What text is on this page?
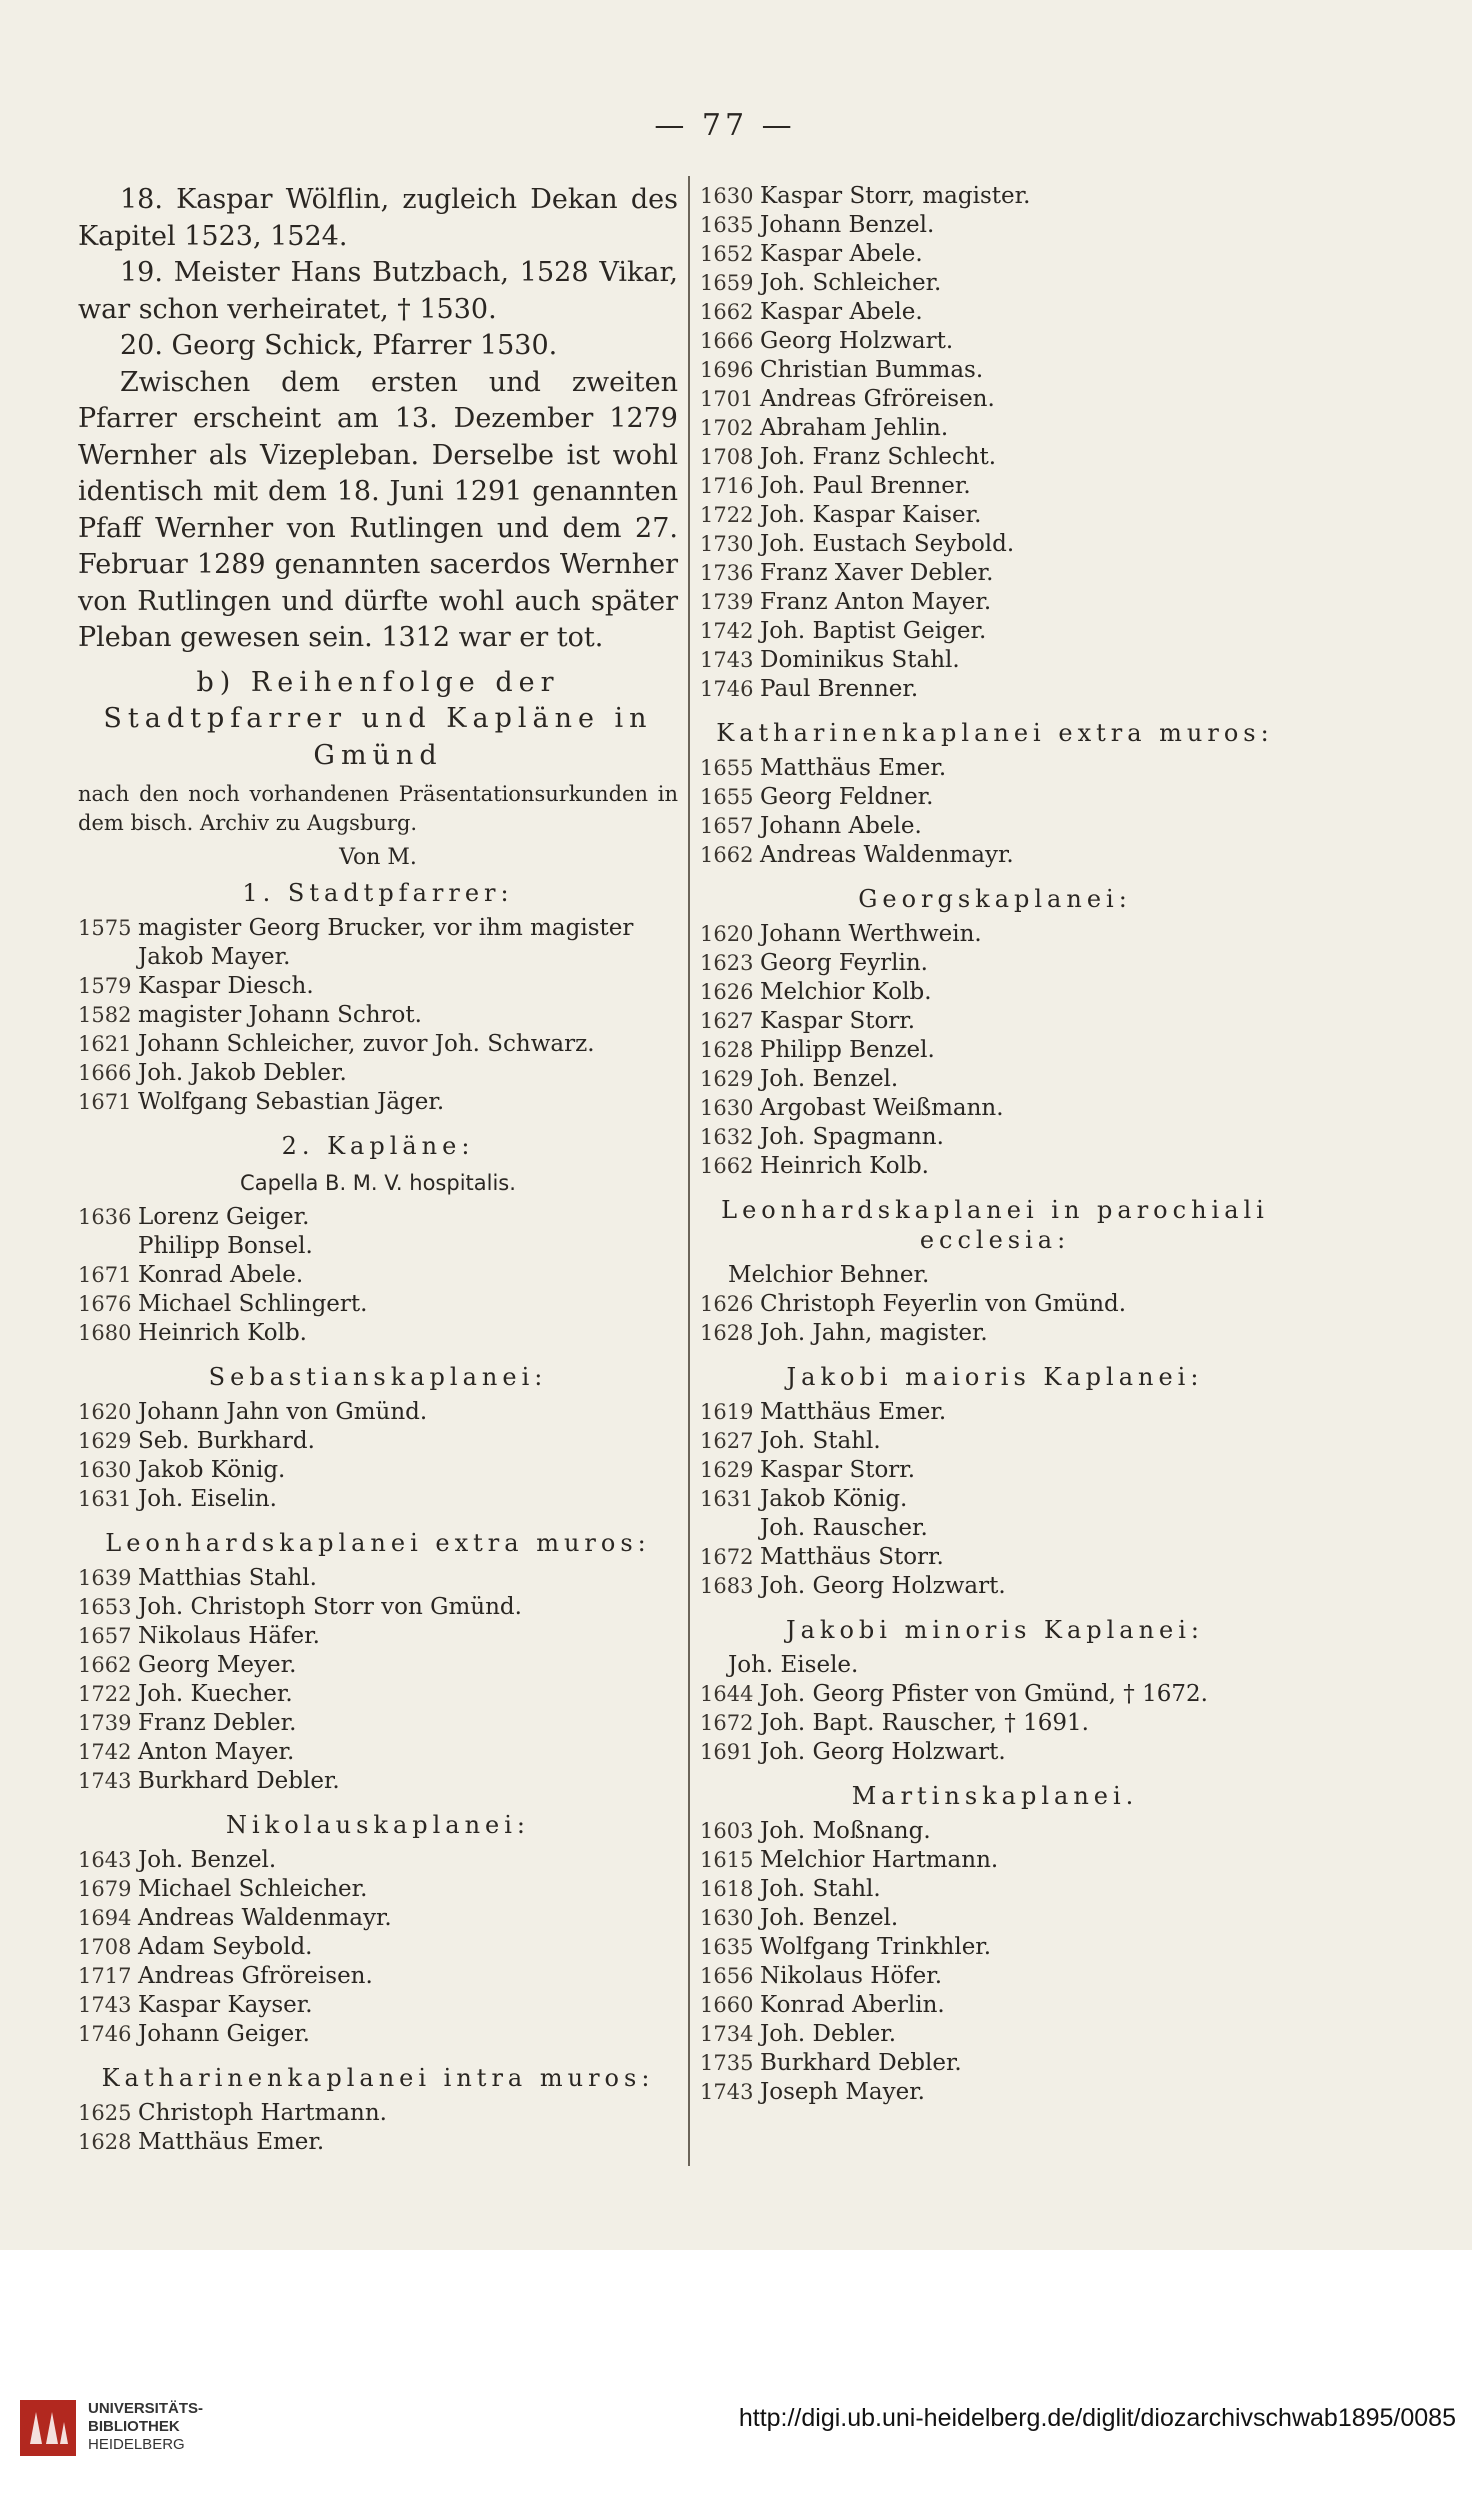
— 77 —

18. Kaspar Wölflin, zugleich Dekan des Kapitel 1523, 1524.

19. Meister Hans Butzbach, 1528 Vikar, war schon verheiratet, † 1530.

20. Georg Schick, Pfarrer 1530.

Zwischen dem ersten und zweiten Pfarrer erscheint am 13. Dezember 1279 Wernher als Vizepleban. Derselbe ist wohl identisch mit dem 18. Juni 1291 genannten Pfaff Wernher von Rutlingen und dem 27. Februar 1289 genannten sacerdos Wernher von Rutlingen und dürfte wohl auch später Pleban gewesen sein. 1312 war er tot.

b) Reihenfolge der Stadtpfarrer und Kapläne in Gmünd

nach den noch vorhandenen Präsentationsurkunden in dem bisch. Archiv zu Augsburg.

Von M.

1. Stadtpfarrer:
1575 magister Georg Brucker, vor ihm magister
Jakob Mayer.
1579 Kaspar Diesch.
1582 magister Johann Schrot.
1621 Johann Schleicher, zuvor Joh. Schwarz.
1666 Joh. Jakob Debler.
1671 Wolfgang Sebastian Jäger.
2. Kapläne:
Capella B. M. V. hospitalis.
1636 Lorenz Geiger.
Philipp Bonsel.
1671 Konrad Abele.
1676 Michael Schlingert.
1680 Heinrich Kolb.
Sebastianskaplanei:
1620 Johann Jahn von Gmünd.
1629 Seb. Burkhard.
1630 Jakob König.
1631 Joh. Eiselin.
Leonhardskaplanei extra muros:
1639 Matthias Stahl.
1653 Joh. Christoph Storr von Gmünd.
1657 Nikolaus Häfer.
1662 Georg Meyer.
1722 Joh. Kuecher.
1739 Franz Debler.
1742 Anton Mayer.
1743 Burkhard Debler.
Nikolauskaplanei:
1643 Joh. Benzel.
1679 Michael Schleicher.
1694 Andreas Waldenmayr.
1708 Adam Seybold.
1717 Andreas Gfröreisen.
1743 Kaspar Kayser.
1746 Johann Geiger.
Katharinenkaplanei intra muros:
1625 Christoph Hartmann.
1628 Matthäus Emer.
1630 Kaspar Storr, magister.
1635 Johann Benzel.
1652 Kaspar Abele.
1659 Joh. Schleicher.
1662 Kaspar Abele.
1666 Georg Holzwart.
1696 Christian Bummas.
1701 Andreas Gfröreisen.
1702 Abraham Jehlin.
1708 Joh. Franz Schlecht.
1716 Joh. Paul Brenner.
1722 Joh. Kaspar Kaiser.
1730 Joh. Eustach Seybold.
1736 Franz Xaver Debler.
1739 Franz Anton Mayer.
1742 Joh. Baptist Geiger.
1743 Dominikus Stahl.
1746 Paul Brenner.
Katharinenkaplanei extra muros:
1655 Matthäus Emer.
1655 Georg Feldner.
1657 Johann Abele.
1662 Andreas Waldenmayr.
Georgskaplanei:
1620 Johann Werthwein.
1623 Georg Feyrlin.
1626 Melchior Kolb.
1627 Kaspar Storr.
1628 Philipp Benzel.
1629 Joh. Benzel.
1630 Argobast Weißmann.
1632 Joh. Spagmann.
1662 Heinrich Kolb.
Leonhardskaplanei in parochiali ecclesia:
Melchior Behner.
1626 Christoph Feyerlin von Gmünd.
1628 Joh. Jahn, magister.
Jakobi maioris Kaplanei:
1619 Matthäus Emer.
1627 Joh. Stahl.
1629 Kaspar Storr.
1631 Jakob König.
Joh. Rauscher.
1672 Matthäus Storr.
1683 Joh. Georg Holzwart.
Jakobi minoris Kaplanei:
Joh. Eisele.
1644 Joh. Georg Pfister von Gmünd, † 1672.
1672 Joh. Bapt. Rauscher, † 1691.
1691 Joh. Georg Holzwart.
Martinskaplanei.
1603 Joh. Moßnang.
1615 Melchior Hartmann.
1618 Joh. Stahl.
1630 Joh. Benzel.
1635 Wolfgang Trinkhler.
1656 Nikolaus Höfer.
1660 Konrad Aberlin.
1734 Joh. Debler.
1735 Burkhard Debler.
1743 Joseph Mayer.
UNIVERSITÄTS-
BIBLIOTHEK
HEIDELBERG
http://digi.ub.uni-heidelberg.de/diglit/diozarchivschwab1895/0085
